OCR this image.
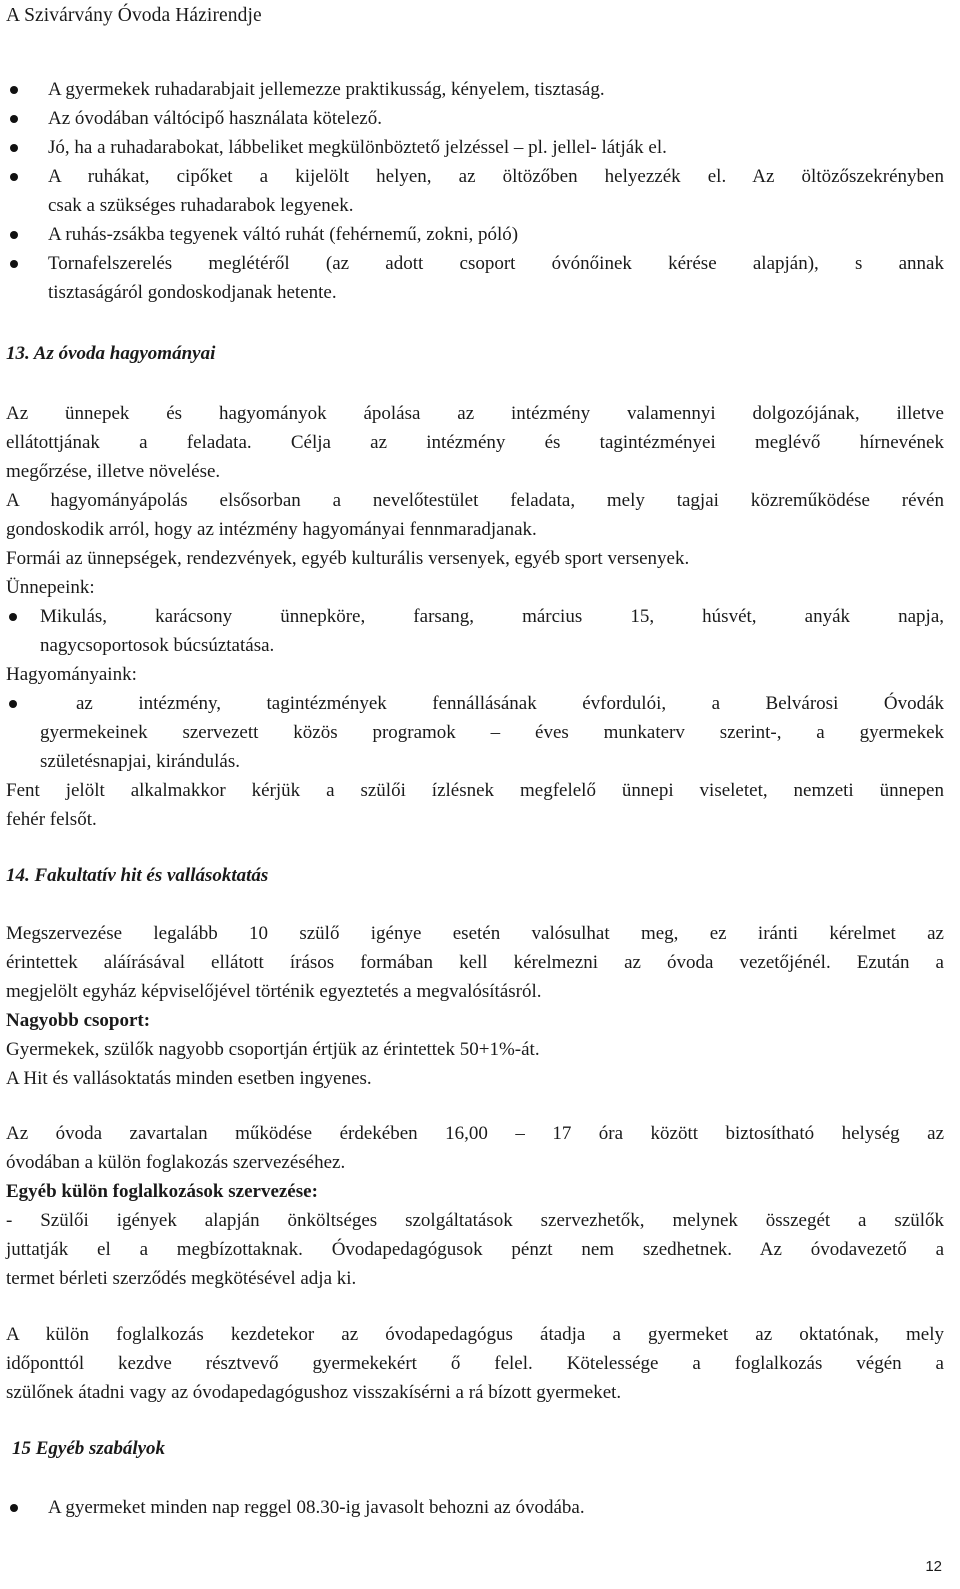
A Szivárvány Óvoda Házirendje
A gyermekek ruhadarabjait jellemezze praktikusság, kényelem, tisztaság.
Az óvodában váltócipő használata kötelező.
Jó, ha a ruhadarabokat, lábbeliket megkülönböztető jelzéssel – pl. jellel- látják el.
A ruhákat, cipőket a kijelölt helyen, az öltözőben helyezzék el. Az öltözőszekrényben
csak a szükséges ruhadarabok legyenek.
A ruhás-zsákba tegyenek váltó ruhát (fehérnemű, zokni, póló)
Tornafelszerelés meglétéről (az adott csoport óvónőinek kérése alapján), s annak
tisztaságáról gondoskodjanak hetente.
13. Az óvoda hagyományai
Az ünnepek és hagyományok ápolása az intézmény valamennyi dolgozójának, illetve
ellátottjának a feladata. Célja az intézmény és tagintézményei meglévő hírnevének
megőrzése, illetve növelése.
A hagyományápolás elsősorban a nevelőtestület feladata, mely tagjai közreműködése révén
gondoskodik arról, hogy az intézmény hagyományai fennmaradjanak.
Formái az ünnepségek, rendezvények, egyéb kulturális versenyek, egyéb sport versenyek.
Ünnepeink:
Mikulás, karácsony ünnepköre, farsang, március 15, húsvét, anyák napja,
nagycsoportosok búcsúztatása.
Hagyományaink:
az intézmény, tagintézmények fennállásának évfordulói, a Belvárosi Óvodák
gyermekeinek szervezett közös programok – éves munkaterv szerint-, a gyermekek
születésnapjai, kirándulás.
Fent jelölt alkalmakkor kérjük a szülői ízlésnek megfelelő ünnepi viseletet, nemzeti ünnepen
fehér felsőt.
14. Fakultatív hit és vallásoktatás
Megszervezése legalább 10 szülő igénye esetén valósulhat meg, ez iránti kérelmet az
érintettek aláírásával ellátott írásos formában kell kérelmezni az óvoda vezetőjénél. Ezután a
megjelölt egyház képviselőjével történik egyeztetés a megvalósításról.
Nagyobb csoport:
Gyermekek, szülők nagyobb csoportján értjük az érintettek 50+1%-át.
A Hit és vallásoktatás minden esetben ingyenes.
Az óvoda zavartalan működése érdekében 16,00 – 17 óra között biztosítható helység az
óvodában a külön foglakozás szervezéséhez.
Egyéb külön foglalkozások szervezése:
- Szülői igények alapján önköltséges szolgáltatások szervezhetők, melynek összegét a szülők
juttatják el a megbízottaknak. Óvodapedagógusok pénzt nem szedhetnek. Az óvodavezető a
termet bérleti szerződés megkötésével adja ki.
A külön foglalkozás kezdetekor az óvodapedagógus átadja a gyermeket az oktatónak, mely
időponttól kezdve résztvevő gyermekekért ő felel. Kötelessége a foglalkozás végén a
szülőnek átadni vagy az óvodapedagógushoz visszakísérni a rá bízott gyermeket.
15 Egyéb szabályok
A gyermeket minden nap reggel 08.30-ig javasolt behozni az óvodába.
12
